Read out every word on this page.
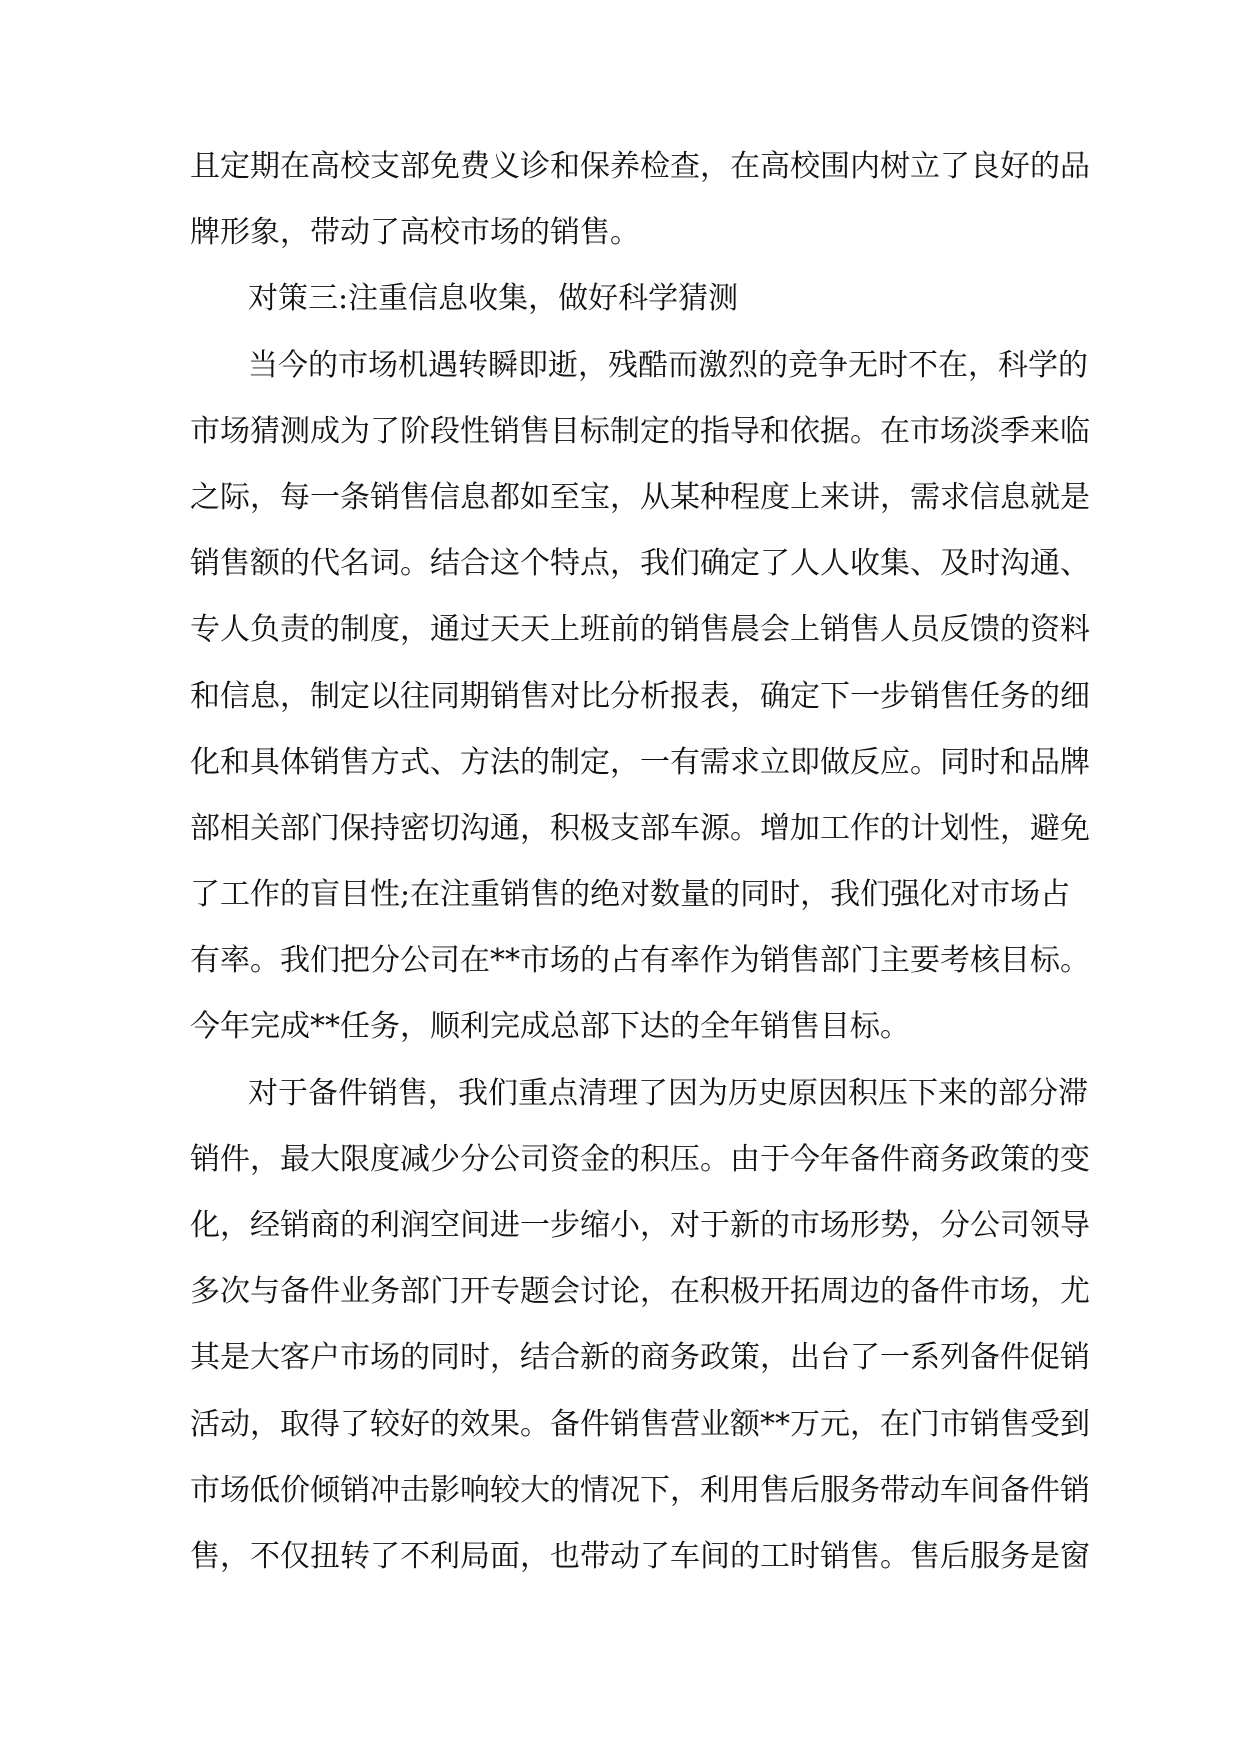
且定期在高校支部免费义诊和保养检查，在高校围内树立了良好的品
牌形象，带动了高校市场的销售。
对策三:注重信息收集，做好科学猜测
当今的市场机遇转瞬即逝，残酷而激烈的竞争无时不在，科学的
市场猜测成为了阶段性销售目标制定的指导和依据。在市场淡季来临
之际，每一条销售信息都如至宝，从某种程度上来讲，需求信息就是
销售额的代名词。结合这个特点，我们确定了人人收集、及时沟通、
专人负责的制度，通过天天上班前的销售晨会上销售人员反馈的资料
和信息，制定以往同期销售对比分析报表，确定下一步销售任务的细
化和具体销售方式、方法的制定，一有需求立即做反应。同时和品牌
部相关部门保持密切沟通，积极支部车源。增加工作的计划性，避免
了工作的盲目性;在注重销售的绝对数量的同时，我们强化对市场占
有率。我们把分公司在**市场的占有率作为销售部门主要考核目标。
今年完成**任务，顺利完成总部下达的全年销售目标。
对于备件销售，我们重点清理了因为历史原因积压下来的部分滞
销件，最大限度减少分公司资金的积压。由于今年备件商务政策的变
化，经销商的利润空间进一步缩小，对于新的市场形势，分公司领导
多次与备件业务部门开专题会讨论，在积极开拓周边的备件市场，尤
其是大客户市场的同时，结合新的商务政策，出台了一系列备件促销
活动，取得了较好的效果。备件销售营业额**万元，在门市销售受到
市场低价倾销冲击影响较大的情况下，利用售后服务带动车间备件销
售，不仅扭转了不利局面，也带动了车间的工时销售。售后服务是窗
